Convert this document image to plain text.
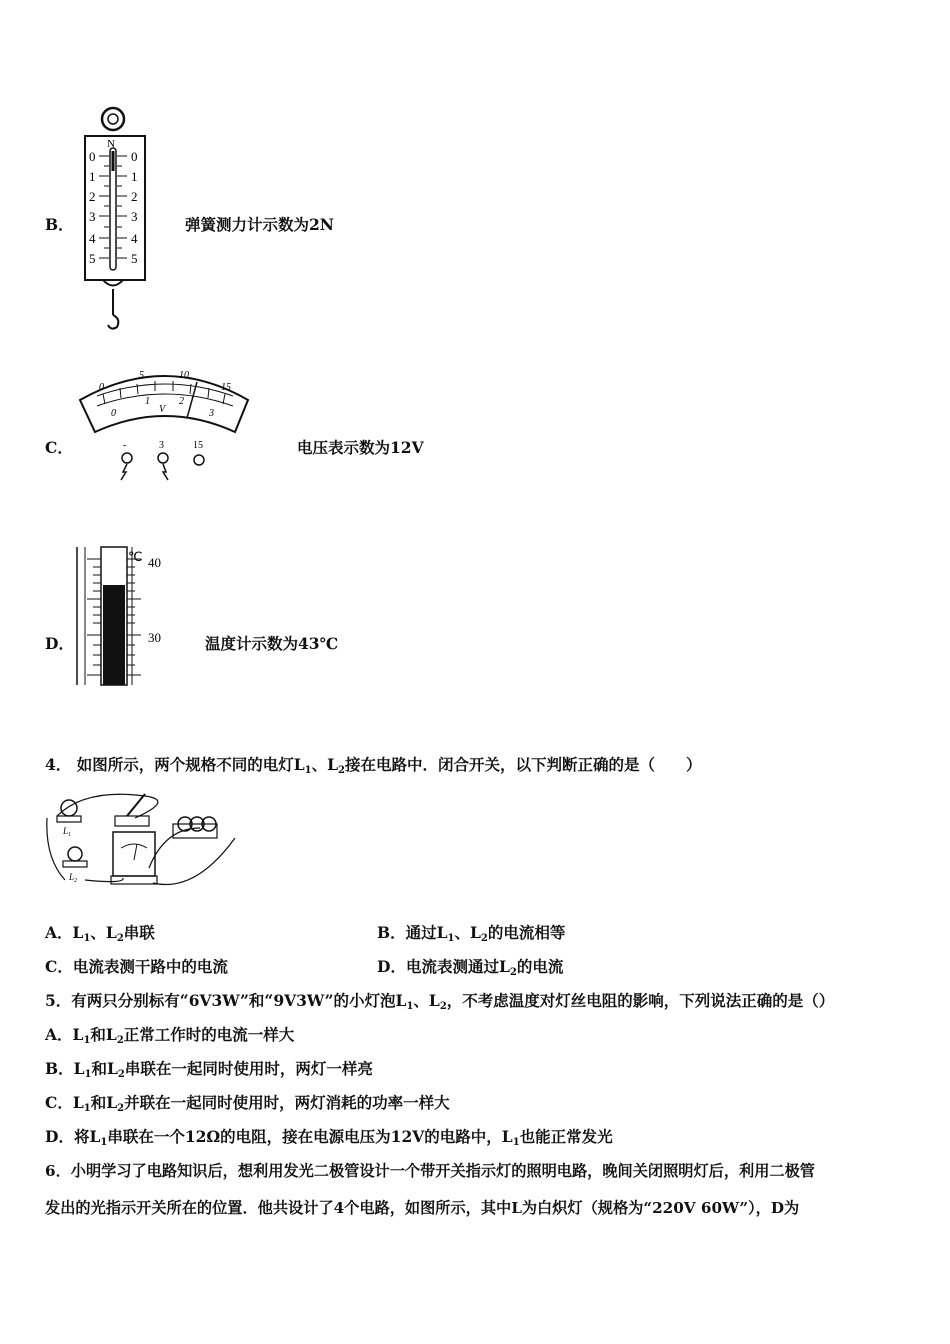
B．
N
0
1
2
3
4
5
0
1
2
3
4
5
弹簧测力计示数为2N
C．
0
5	10
15
0
1	2
3
V
-	3	15	电压表示数为12V
D．
℃ 40
30	温度计示数为43℃
4． 如图所示，两个规格不同的电灯$L_1$、$L_2$接在电路中．闭合开关，以下判断正确的是（　　）
$L_1$
$L_2$
A．$L_1$、$L_2$串联	B．通过$L_1$、$L_2$的电流相等
C．电流表测干路中的电流	D．电流表测通过$L_2$的电流
5．有两只分别标有“6V3W”和“9V3W”的小灯泡$L_1$、$L_2$，不考虑温度对灯丝电阻的影响，下列说法正确的是（）
A．$L_1$和$L_2$正常工作时的电流一样大
B．$L_1$和$L_2$串联在一起同时使用时，两灯一样亮
C．$L_1$和$L_2$并联在一起同时使用时，两灯消耗的功率一样大
D．将$L_1$串联在一个12Ω的电阻，接在电源电压为12V的电路中，$L_1$也能正常发光
6．小明学习了电路知识后，想利用发光二极管设计一个带开关指示灯的照明电路，晚间关闭照明灯后，利用二极管
发出的光指示开关所在的位置．他共设计了4个电路，如图所示，其中L为白炽灯（规格为“220V 60W”），D为
